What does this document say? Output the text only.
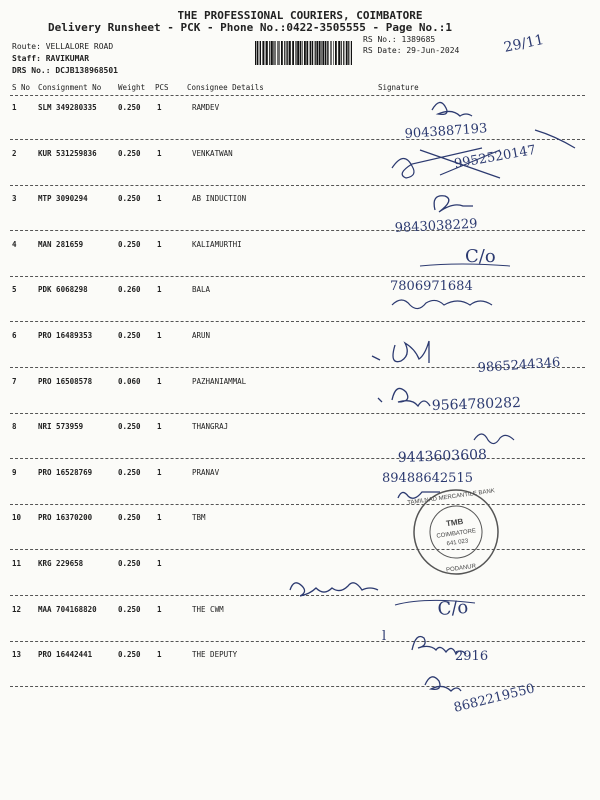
THE PROFESSIONAL COURIERS, COIMBATORE
Delivery Runsheet - PCK - Phone No.:0422-3505555 - Page No.:1
Route: VELLALORE ROAD
Staff: RAVIKUMAR
DRS No.: DCJB138968501
RS No.: 1389685
RS Date: 29-Jun-2024
S No Consignment No Weight PCS Consignee Details	Signature
1	SLM 349280335	0.250 1	RAMDEV
2	KUR 531259836	0.250 1	VENKATWAN
3	MTP 3090294	0.250 1	AB INDUCTION
4	MAN 281659	0.250 1	KALIAMURTHI
5	PDK 6068298	0.260 1	BALA
6	PRO 16489353	0.250 1	ARUN
7	PRO 16508578	0.060 1	PAZHANIAMMAL
8	NRI 573959	0.250 1	THANGRAJ
9	PRO 16528769	0.250 1	PRANAV
10 PRO 16370200	0.250 1	TBM
11 KRG 229658	0.250 1
12 MAA 704168820	0.250 1	THE CWM
13 PRO 16442441	0.250 1	THE DEPUTY
29/11
9043887193
9952520147
9843038229
C/o
7806971684
9865244346
9564780282
9443603608
89488642515
TAMILNAD MERCANTILE BANK
TMB
COIMBATORE
641 023
PODANUR
C/o
l
2916
8682219550
